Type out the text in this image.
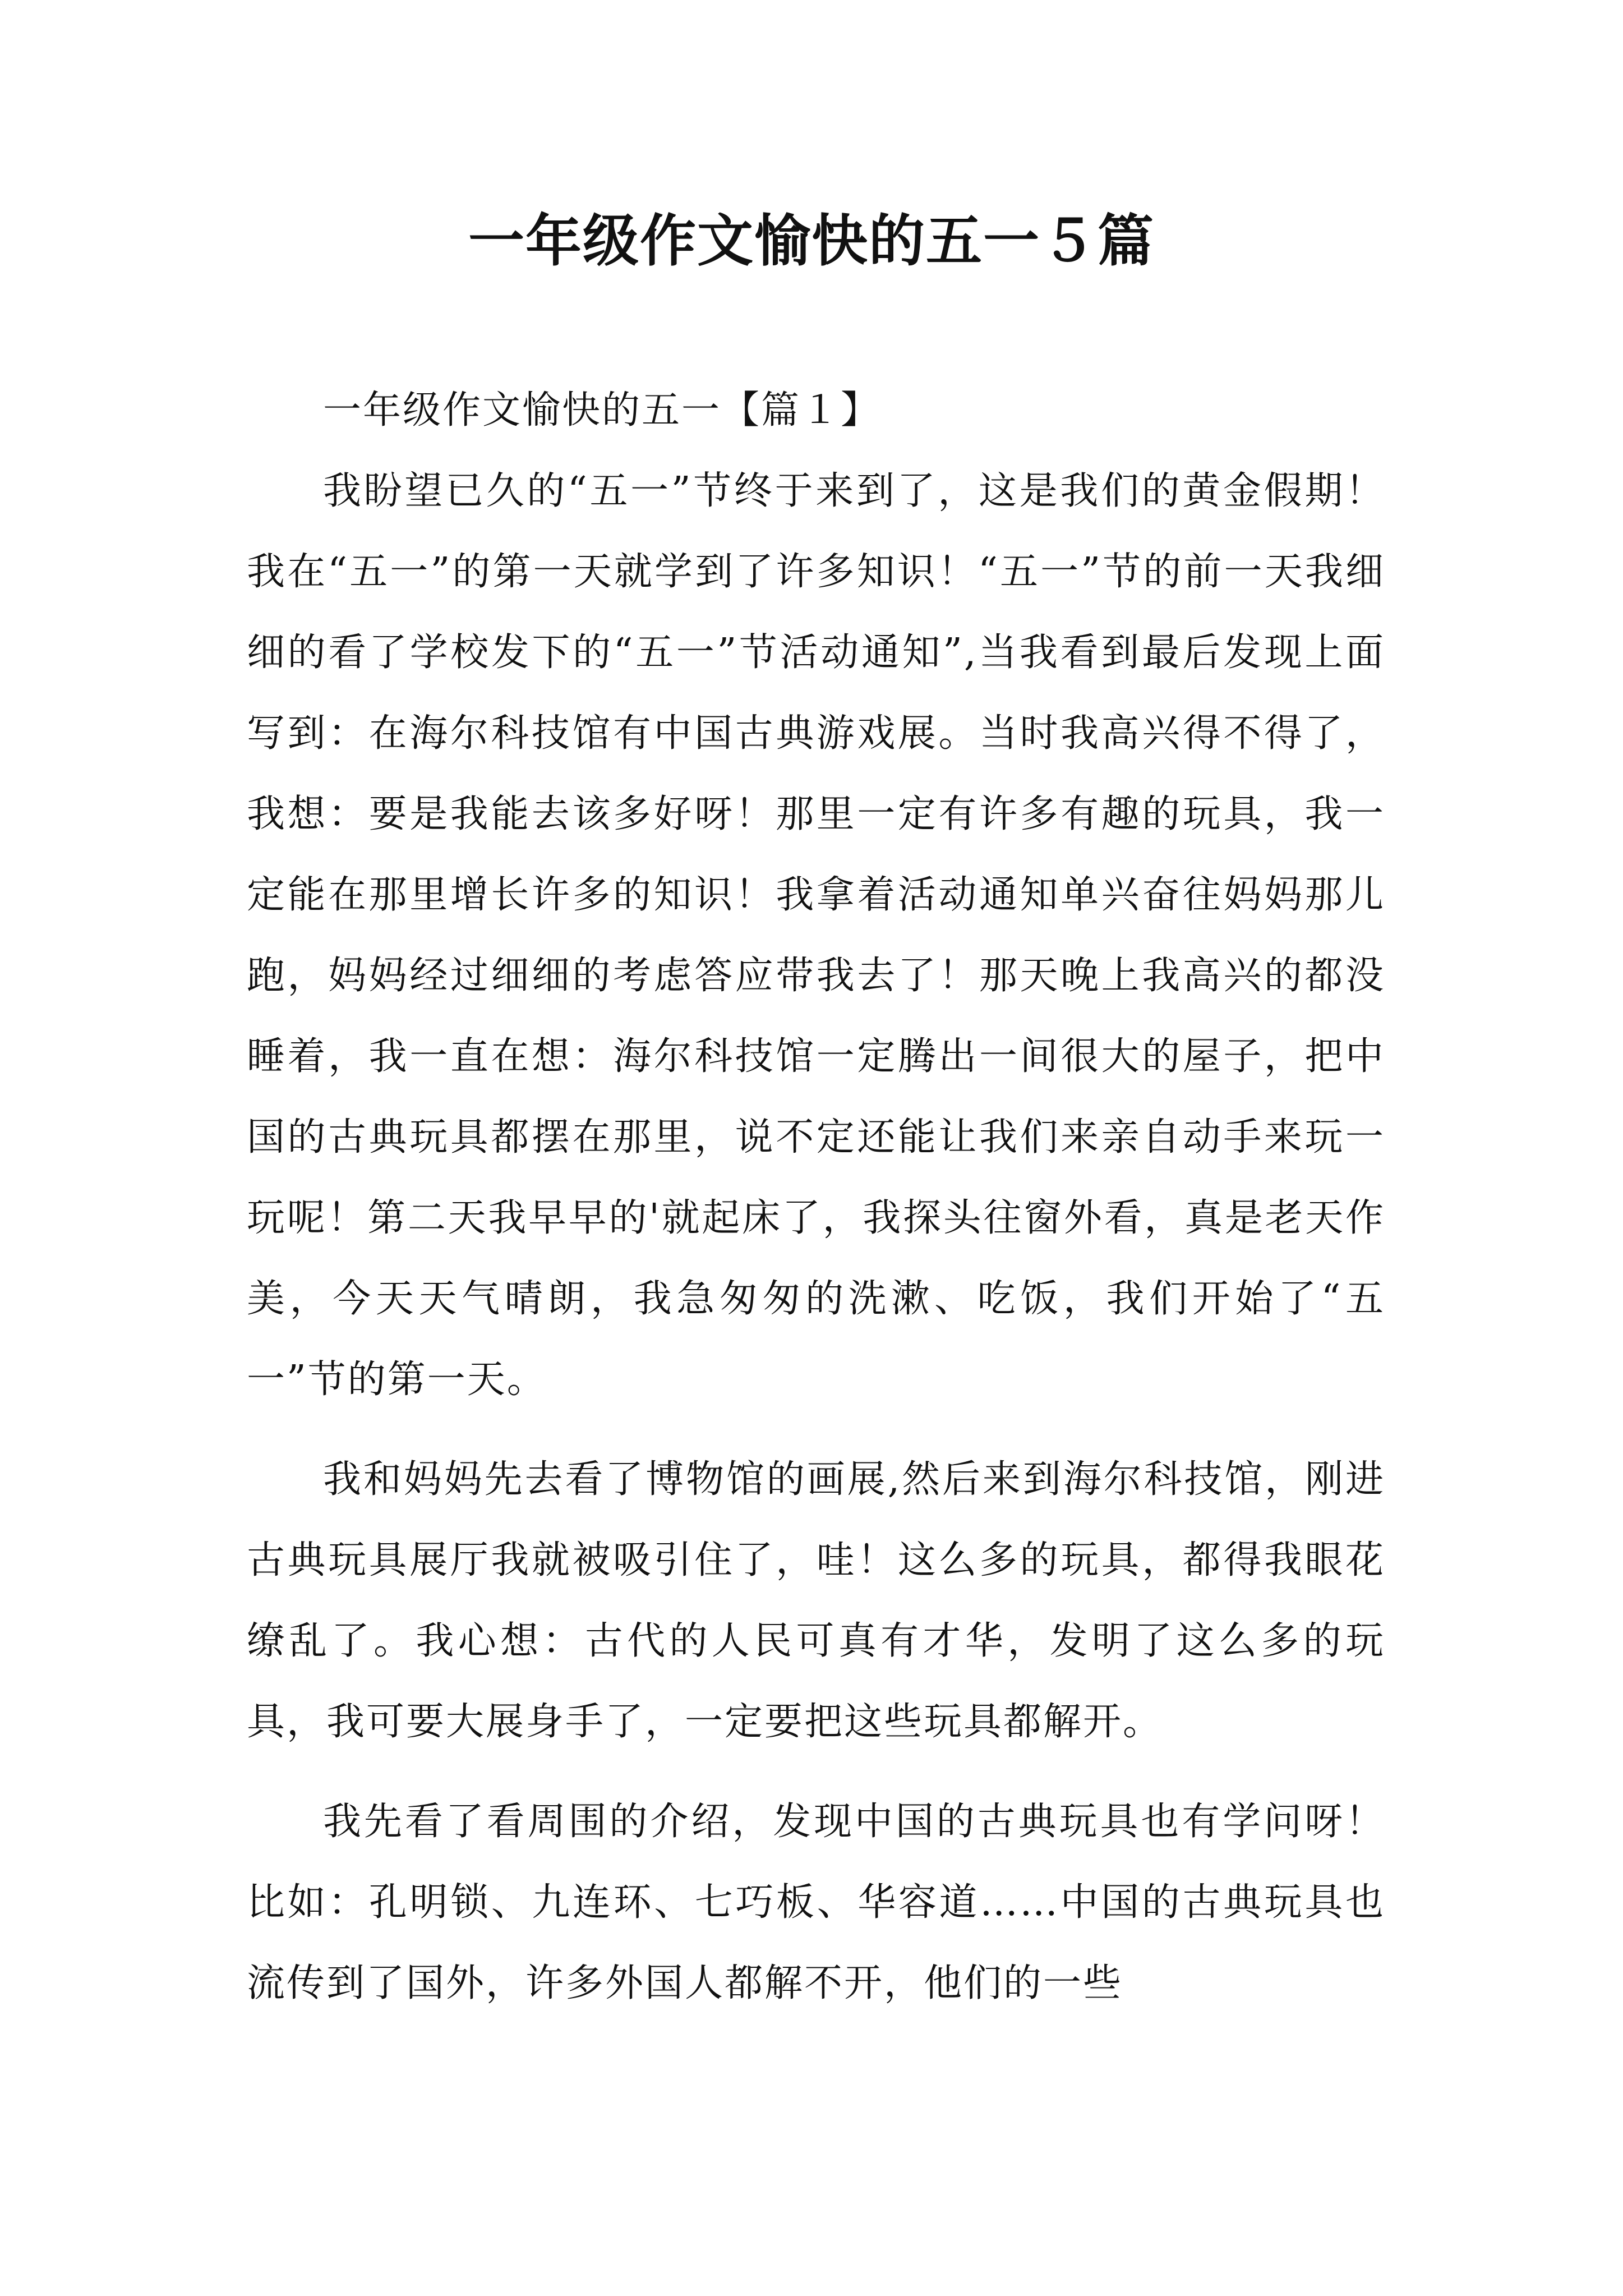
一年级作文愉快的五一５篇

一年级作文愉快的五一【篇１】

我盼望已久的“五一”节终于来到了，这是我们的黄金假期！我在“五一”的第一天就学到了许多知识！“五一”节的前一天我细细的看了学校发下的“五一”节活动通知”,当我看到最后发现上面写到：在海尔科技馆有中国古典游戏展。当时我高兴得不得了，我想：要是我能去该多好呀！那里一定有许多有趣的玩具，我一定能在那里增长许多的知识！我拿着活动通知单兴奋往妈妈那儿跑，妈妈经过细细的考虑答应带我去了！那天晚上我高兴的都没睡着，我一直在想：海尔科技馆一定腾出一间很大的屋子，把中国的古典玩具都摆在那里，说不定还能让我们来亲自动手来玩一玩呢！第二天我早早的'就起床了，我探头往窗外看，真是老天作美，今天天气晴朗，我急匆匆的洗漱、吃饭，我们开始了“五一”节的第一天。

我和妈妈先去看了博物馆的画展,然后来到海尔科技馆，刚进古典玩具展厅我就被吸引住了，哇！这么多的玩具，都得我眼花缭乱了。我心想：古代的人民可真有才华，发明了这么多的玩具，我可要大展身手了，一定要把这些玩具都解开。

我先看了看周围的介绍，发现中国的古典玩具也有学问呀！比如：孔明锁、九连环、七巧板、华容道……中国的古典玩具也流传到了国外，许多外国人都解不开，他们的一些
